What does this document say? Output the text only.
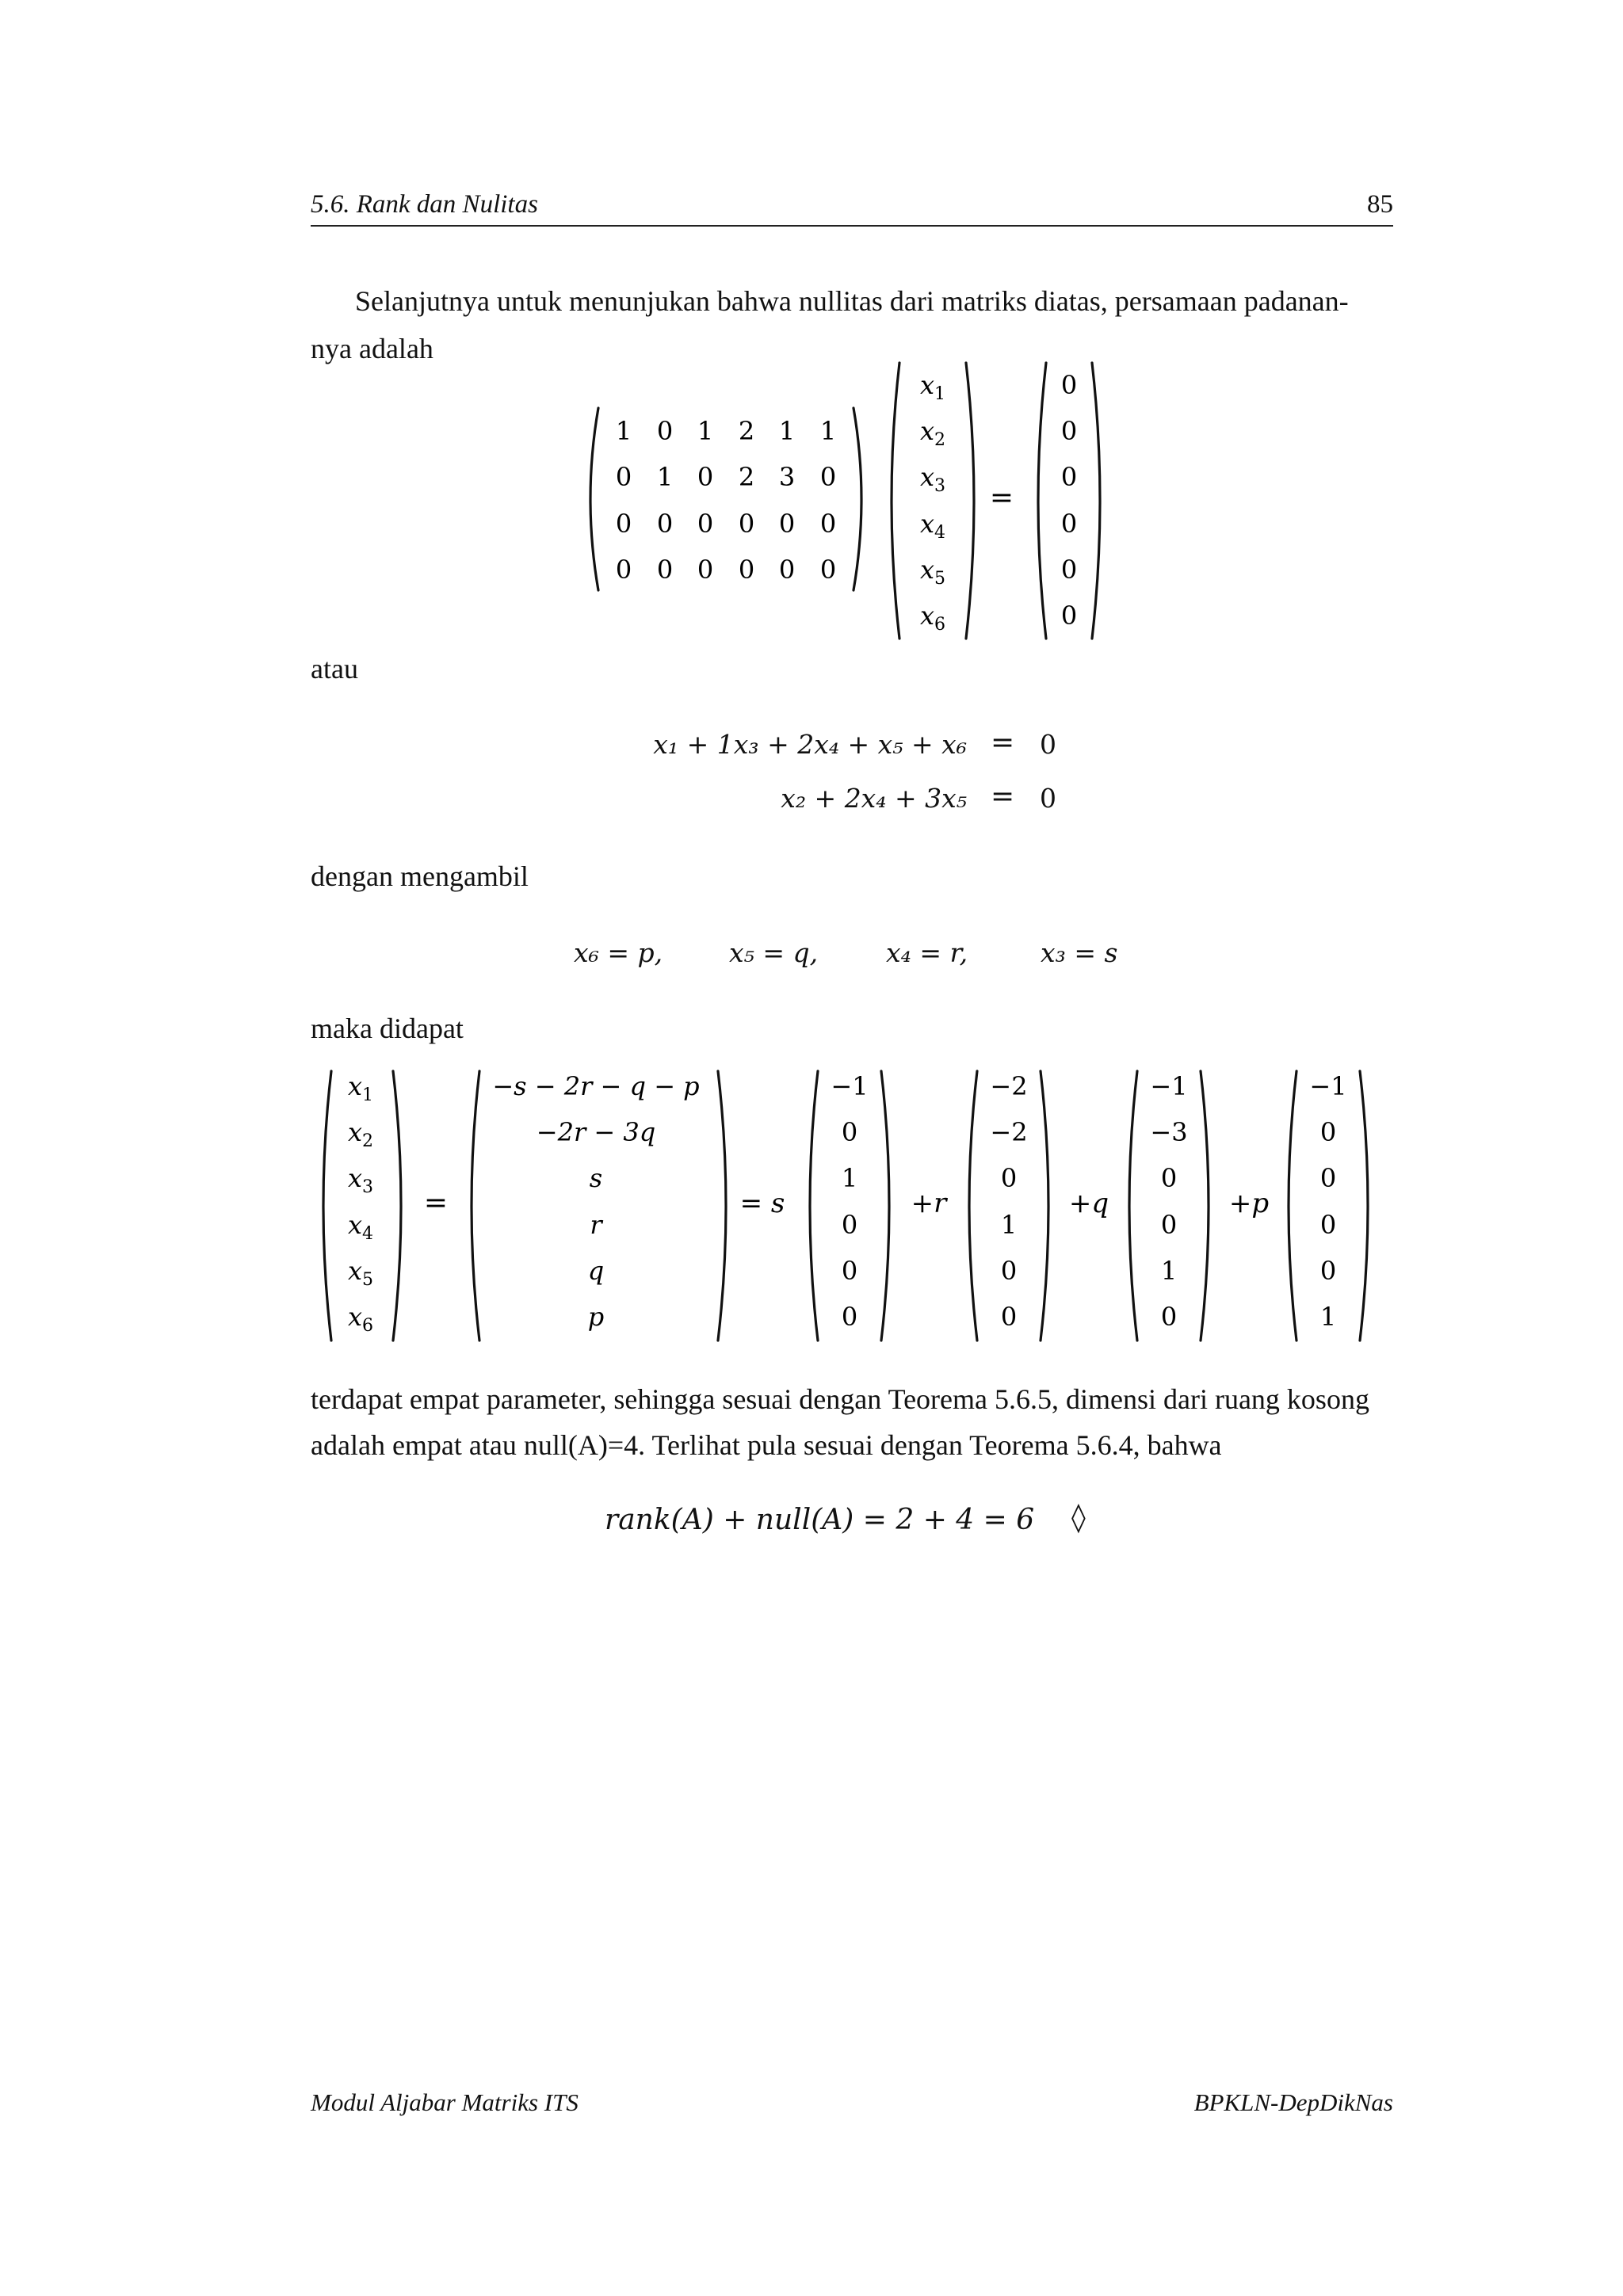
5.6. Rank dan Nulitas	85
Selanjutnya untuk menunjukan bahwa nullitas dari matriks diatas, persamaan padanan-
nya adalah
1 0 1 2 1 1
0 1 0 2 3 0
0 0 0 0 0 0
0 0 0 0 0 0
$x_1$
$x_2$
$x_3$
$x_4$
$x_5$
$x_6$
=
0
0
0
0
0
0
atau
x₁ + 1x₃ + 2x₄ + x₅ + x₆ = 0
x₂ + 2x₄ + 3x₅ = 0
dengan mengambil
x₆ = p,	x₅ = q,	x₄ = r,	x₃ = s
maka didapat
$x_1$
$x_2$
$x_3$
$x_4$
$x_5$
$x_6$
=
−s − 2r − q − p
−2r − 3q
s
r
q
p
= s
−1
0
1
0
0
0
−2
−2
0
1
0
0
+r
−1
−3
0
0
1
0
+q
−1
0
0
0
0
1
+p
terdapat empat parameter, sehingga sesuai dengan Teorema 5.6.5, dimensi dari ruang kosong
adalah empat atau null(A)=4. Terlihat pula sesuai dengan Teorema 5.6.4, bahwa
rank(A) + null(A) = 2 + 4 = 6 ◊
Modul Aljabar Matriks ITS	BPKLN-DepDikNas
